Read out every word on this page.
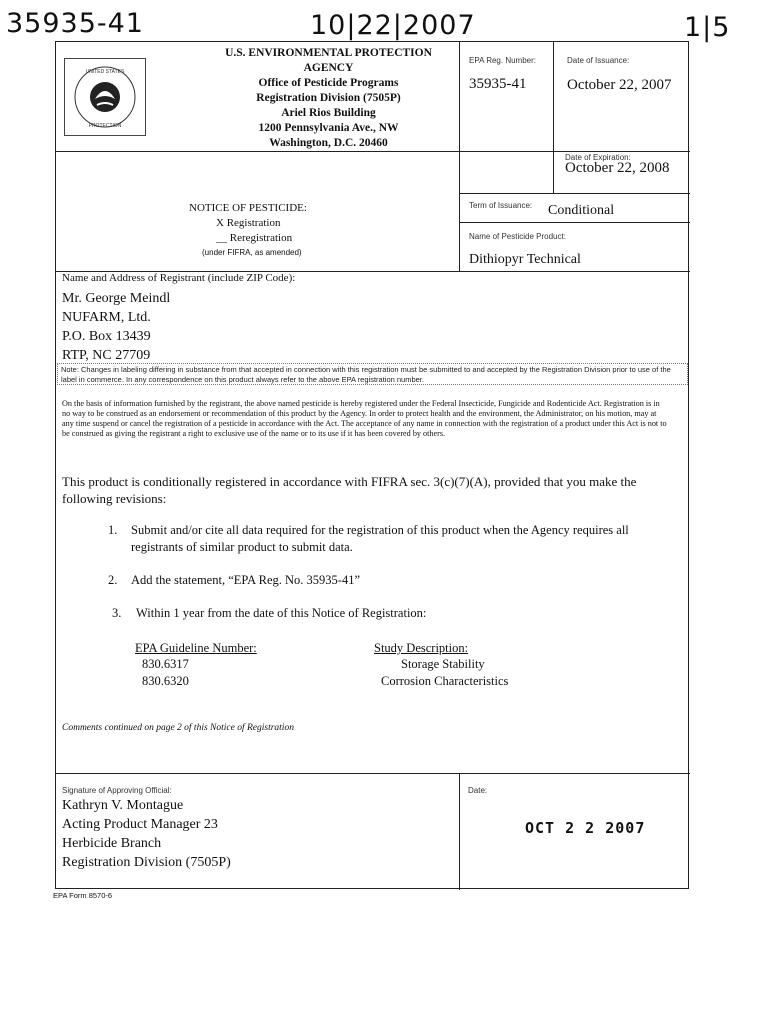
35935-41	10|22|2007	1|5
UNITED STATES
PROTECTION
U.S. ENVIRONMENTAL PROTECTION
AGENCY
Office of Pesticide Programs
Registration Division (7505P)
Ariel Rios Building
1200 Pennsylvania Ave., NW
Washington, D.C. 20460
EPA Reg. Number:
35935-41
Date of Issuance:
October 22, 2007
Date of Expiration:
October 22, 2008
NOTICE OF PESTICIDE:
X Registration
__ Reregistration
(under FIFRA, as amended)
Term of Issuance: Conditional
Name of Pesticide Product:
Dithiopyr Technical
Name and Address of Registrant (include ZIP Code):
Mr. George Meindl
NUFARM, Ltd.
P.O. Box 13439
RTP, NC 27709
Note: Changes in labeling differing in substance from that accepted in connection with this registration must be submitted to and accepted by the Registration Division prior to use of the label in commerce. In any correspondence on this product always refer to the above EPA registration number.
On the basis of information furnished by the registrant, the above named pesticide is hereby registered under the Federal Insecticide, Fungicide and Rodenticide Act. Registration is in no way to be construed as an endorsement or recommendation of this product by the Agency. In order to protect health and the environment, the Administrator, on his motion, may at any time suspend or cancel the registration of a pesticide in accordance with the Act. The acceptance of any name in connection with the registration of a product under this Act is not to be construed as giving the registrant a right to exclusive use of the name or to its use if it has been covered by others.
This product is conditionally registered in accordance with FIFRA sec. 3(c)(7)(A), provided that you make the following revisions:
1. Submit and/or cite all data required for the registration of this product when the Agency requires all registrants of similar product to submit data.
2. Add the statement, “EPA Reg. No. 35935-41”
3. Within 1 year from the date of this Notice of Registration:
EPA Guideline Number:	Study Description:
830.6317	Storage Stability
830.6320	Corrosion Characteristics
Comments continued on page 2 of this Notice of Registration
Signature of Approving Official:
Kathryn V. Montague
Acting Product Manager 23
Herbicide Branch
Registration Division (7505P)
Date:
OCT 2 2 2007
EPA Form 8570-6
